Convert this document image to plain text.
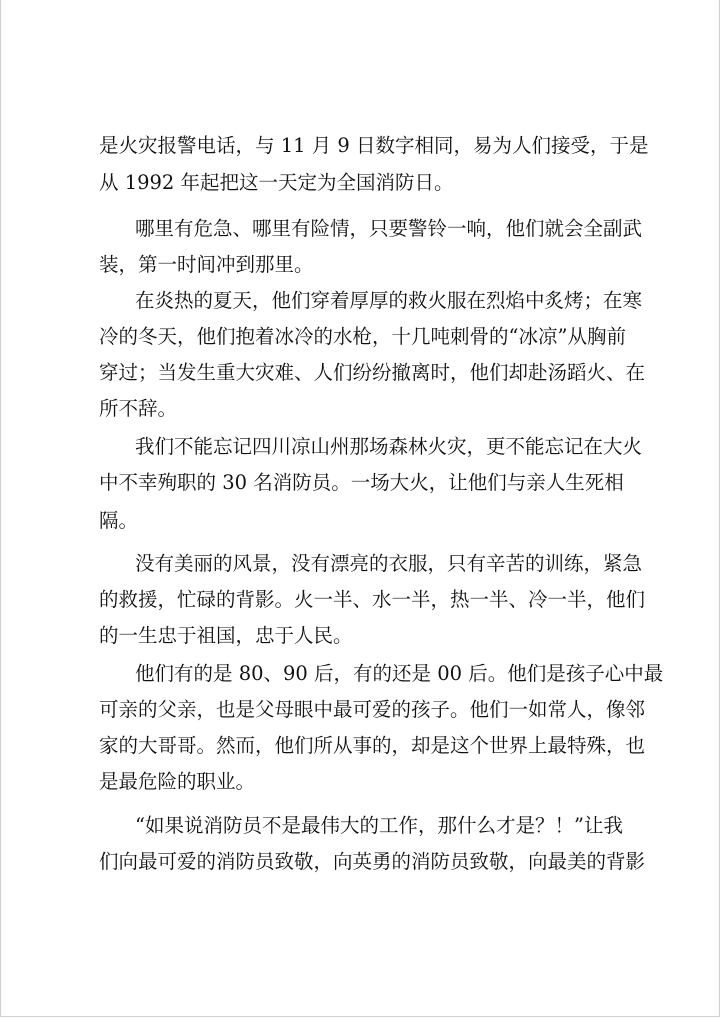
是火灾报警电话，与 11 月 9 日数字相同，易为人们接受，于是
从 1992 年起把这一天定为全国消防日。
哪里有危急、哪里有险情，只要警铃一响，他们就会全副武
装，第一时间冲到那里。
在炎热的夏天，他们穿着厚厚的救火服在烈焰中炙烤；在寒
冷的冬天，他们抱着冰冷的水枪，十几吨刺骨的“冰凉”从胸前
穿过；当发生重大灾难、人们纷纷撤离时，他们却赴汤蹈火、在
所不辞。
我们不能忘记四川凉山州那场森林火灾，更不能忘记在大火
中不幸殉职的 30 名消防员。一场大火，让他们与亲人生死相
隔。
没有美丽的风景，没有漂亮的衣服，只有辛苦的训练，紧急
的救援，忙碌的背影。火一半、水一半，热一半、冷一半，他们
的一生忠于祖国，忠于人民。
他们有的是 80、90 后，有的还是 00 后。他们是孩子心中最
可亲的父亲，也是父母眼中最可爱的孩子。他们一如常人，像邻
家的大哥哥。然而，他们所从事的，却是这个世界上最特殊，也
是最危险的职业。
“如果说消防员不是最伟大的工作，那什么才是？！”让我
们向最可爱的消防员致敬，向英勇的消防员致敬，向最美的背影
